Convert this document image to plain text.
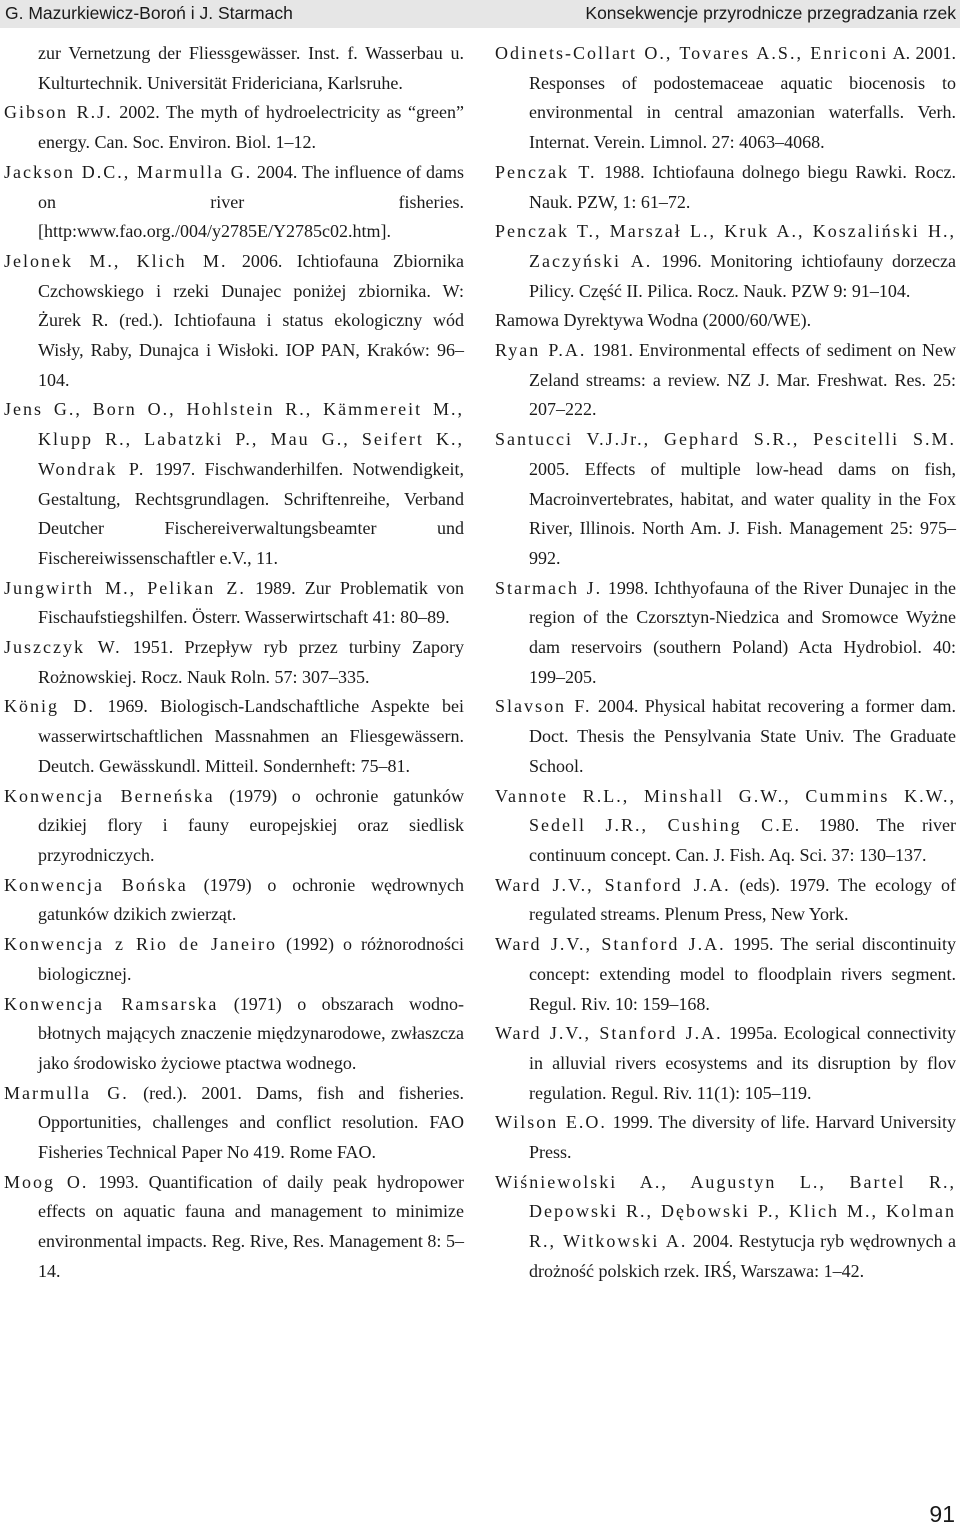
G. Mazurkiewicz-Boroń i J. Starmach	Konsekwencje przyrodnicze przegradzania rzek

zur Vernetzung der Fliessgewässer. Inst. f. Wasserbau u. Kulturtechnik. Universität Fridericiana, Karlsruhe.

Gibson R.J. 2002. The myth of hydroelectricity as “green” energy. Can. Soc. Environ. Biol. 1–12.

Jackson D.C., Marmulla G. 2004. The influence of dams on river fisheries. [http:www.fao.org./004/y2785E/Y2785c02.htm].

Jelonek M., Klich M. 2006. Ichtiofauna Zbiornika Czchowskiego i rzeki Dunajec poniżej zbiornika. W: Żurek R. (red.). Ichtiofauna i status ekologiczny wód Wisły, Raby, Dunajca i Wisłoki. IOP PAN, Kraków: 96–104.

Jens G., Born O., Hohlstein R., Kämmereit M., Klupp R., Labatzki P., Mau G., Seifert K., Wondrak P. 1997. Fischwanderhilfen. Notwendigkeit, Gestaltung, Rechtsgrundlagen. Schriftenreihe, Verband Deutcher Fischereiverwaltungsbeamter und Fischereiwissenschaftler e.V., 11.

Jungwirth M., Pelikan Z. 1989. Zur Problematik von Fischaufstiegshilfen. Österr. Wasserwirtschaft 41: 80–89.

Juszczyk W. 1951. Przepływ ryb przez turbiny Zapory Rożnowskiej. Rocz. Nauk Roln. 57: 307–335.

König D. 1969. Biologisch-Landschaftliche Aspekte bei wasserwirtschaftlichen Massnahmen an Fliesgewässern. Deutch. Gewässkundl. Mitteil. Sondernheft: 75–81.

Konwencja Berneńska (1979) o ochronie gatunków dzikiej flory i fauny europejskiej oraz siedlisk przyrodniczych.

Konwencja Bońska (1979) o ochronie wędrownych gatunków dzikich zwierząt.

Konwencja z Rio de Janeiro (1992) o różnorodności biologicznej.

Konwencja Ramsarska (1971) o obszarach wodno-błotnych mających znaczenie międzynarodowe, zwłaszcza jako środowisko życiowe ptactwa wodnego.

Marmulla G. (red.). 2001. Dams, fish and fisheries. Opportunities, challenges and conflict resolution. FAO Fisheries Technical Paper No 419. Rome FAO.

Moog O. 1993. Quantification of daily peak hydropower effects on aquatic fauna and management to minimize environmental impacts. Reg. Rive, Res. Management 8: 5–14.

Odinets-Collart O., Tovares A.S., Enriconi A. 2001. Responses of podostemaceae aquatic biocenosis to environmental in central amazonian waterfalls. Verh. Internat. Verein. Limnol. 27: 4063–4068.

Penczak T. 1988. Ichtiofauna dolnego biegu Rawki. Rocz. Nauk. PZW, 1: 61–72.

Penczak T., Marszał L., Kruk A., Koszaliński H., Zaczyński A. 1996. Monitoring ichtiofauny dorzecza Pilicy. Część II. Pilica. Rocz. Nauk. PZW 9: 91–104.

Ramowa Dyrektywa Wodna (2000/60/WE).

Ryan P.A. 1981. Environmental effects of sediment on New Zeland streams: a review. NZ J. Mar. Freshwat. Res. 25: 207–222.

Santucci V.J.Jr., Gephard S.R., Pescitelli S.M. 2005. Effects of multiple low-head dams on fish, Macroinvertebrates, habitat, and water quality in the Fox River, Illinois. North Am. J. Fish. Management 25: 975–992.

Starmach J. 1998. Ichthyofauna of the River Dunajec in the region of the Czorsztyn-Niedzica and Sromowce Wyżne dam reservoirs (southern Poland) Acta Hydrobiol. 40: 199–205.

Slavson F. 2004. Physical habitat recovering a former dam. Doct. Thesis the Pensylvania State Univ. The Graduate School.

Vannote R.L., Minshall G.W., Cummins K.W., Sedell J.R., Cushing C.E. 1980. The river continuum concept. Can. J. Fish. Aq. Sci. 37: 130–137.

Ward J.V., Stanford J.A. (eds). 1979. The ecology of regulated streams. Plenum Press, New York.

Ward J.V., Stanford J.A. 1995. The serial discontinuity concept: extending model to floodplain rivers segment. Regul. Riv. 10: 159–168.

Ward J.V., Stanford J.A. 1995a. Ecological connectivity in alluvial rivers ecosystems and its disruption by flov regulation. Regul. Riv. 11(1): 105–119.

Wilson E.O. 1999. The diversity of life. Harvard University Press.

Wiśniewolski A., Augustyn L., Bartel R., Depowski R., Dębowski P., Klich M., Kolman R., Witkowski A. 2004. Restytucja ryb wędrownych a drożność polskich rzek. IRŚ, Warszawa: 1–42.

91
